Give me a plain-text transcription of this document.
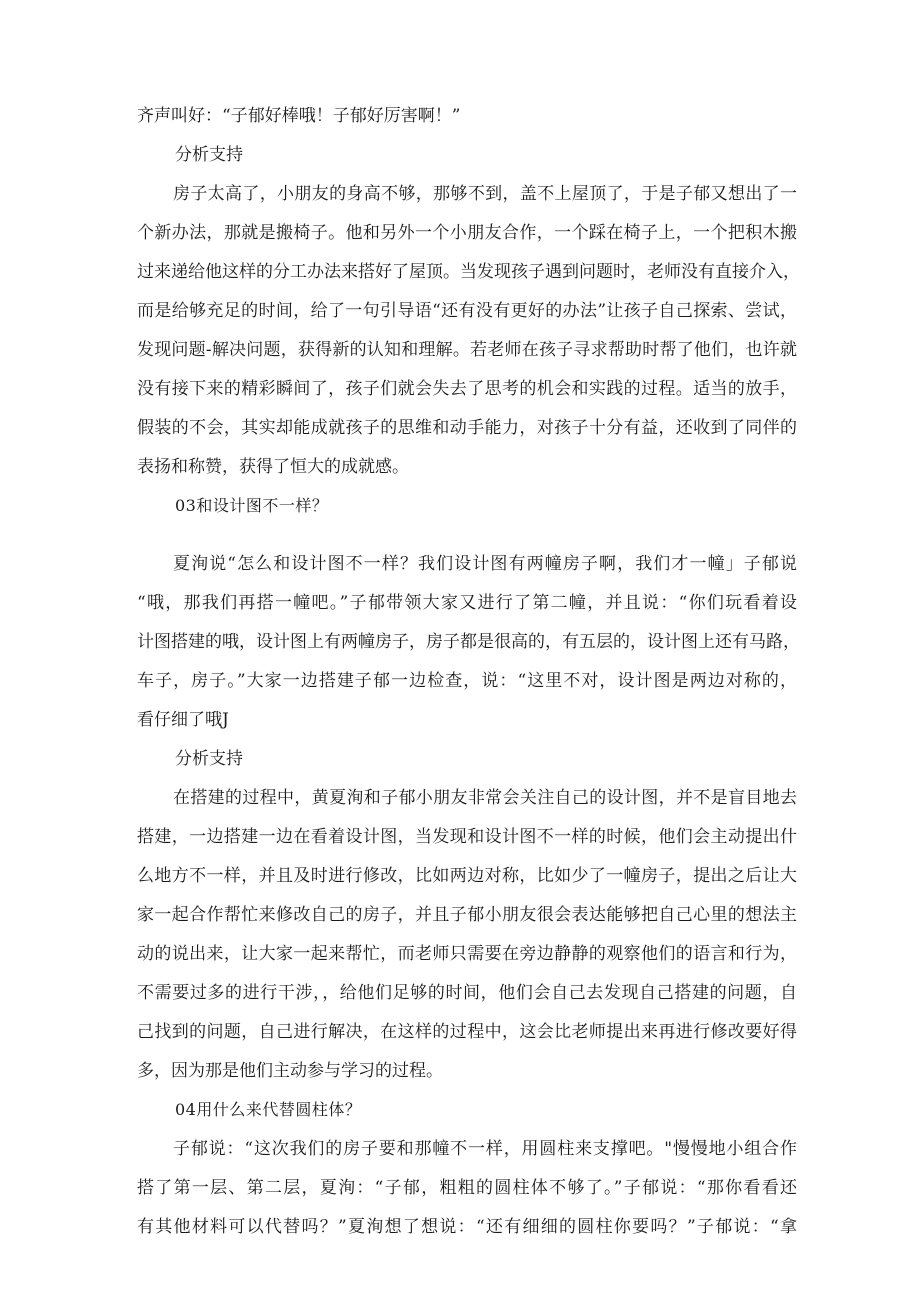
齐声叫好：“子郁好棒哦！子郁好厉害啊！”
分析支持
房子太高了，小朋友的身高不够，那够不到，盖不上屋顶了，于是子郁又想出了一
个新办法，那就是搬椅子。他和另外一个小朋友合作，一个踩在椅子上，一个把积木搬
过来递给他这样的分工办法来搭好了屋顶。当发现孩子遇到问题时，老师没有直接介入，
而是给够充足的时间，给了一句引导语“还有没有更好的办法”让孩子自己探索、尝试，
发现问题-解决问题，获得新的认知和理解。若老师在孩子寻求帮助时帮了他们，也许就
没有接下来的精彩瞬间了，孩子们就会失去了思考的机会和实践的过程。适当的放手，
假装的不会，其实却能成就孩子的思维和动手能力，对孩子十分有益，还收到了同伴的
表扬和称赞，获得了恒大的成就感。
03和设计图不一样？
夏洵说“怎么和设计图不一样？我们设计图有两幢房子啊，我们才一幢」子郁说
“哦，那我们再搭一幢吧。”子郁带领大家又进行了第二幢，并且说：“你们玩看着设
计图搭建的哦，设计图上有两幢房子，房子都是很高的，有五层的，设计图上还有马路，
车子，房子。”大家一边搭建子郁一边检查，说：“这里不对，设计图是两边对称的，
看仔细了哦J
分析支持
在搭建的过程中，黄夏洵和子郁小朋友非常会关注自己的设计图，并不是盲目地去
搭建，一边搭建一边在看着设计图，当发现和设计图不一样的时候，他们会主动提出什
么地方不一样，并且及时进行修改，比如两边对称，比如少了一幢房子，提出之后让大
家一起合作帮忙来修改自己的房子，并且子郁小朋友很会表达能够把自己心里的想法主
动的说出来，让大家一起来帮忙，而老师只需要在旁边静静的观察他们的语言和行为，
不需要过多的进行干涉，，给他们足够的时间，他们会自己去发现自己搭建的问题，自
己找到的问题，自己进行解决，在这样的过程中，这会比老师提出来再进行修改要好得
多，因为那是他们主动参与学习的过程。
04用什么来代替圆柱体？
子郁说：“这次我们的房子要和那幢不一样，用圆柱来支撑吧。"慢慢地小组合作
搭了第一层、第二层，夏洵：“子郁，粗粗的圆柱体不够了。”子郁说：“那你看看还
有其他材料可以代替吗？”夏洵想了想说：“还有细细的圆柱你要吗？”子郁说：“拿
